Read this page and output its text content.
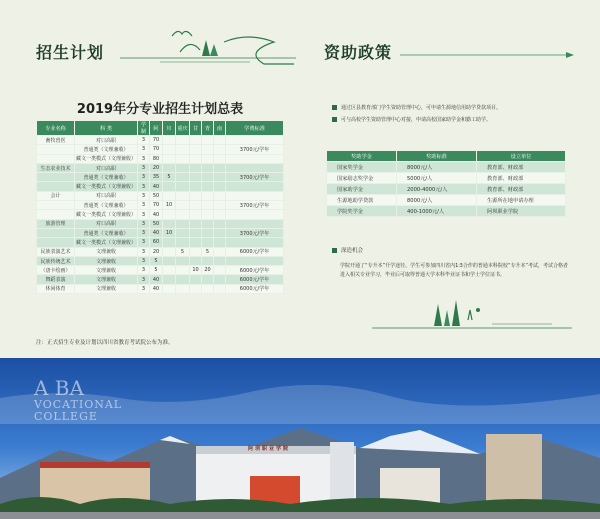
招生计划	资助政策
2019年分专业招生计划总表
专业名称	科 类	学制	阿	川	重庆	甘	青	南	学费标准
畜牧兽医	对口高职	3	70						
	普通类（文理兼收）	3	70						3700元/学年
	藏文一类模式（文理兼收）	3	80						
生态农业技术	对口高职	3	20						
	普通类（文理兼收）	3	35	5					3700元/学年
	藏文一类模式（文理兼收）	3	40						
会计	对口高职	3	50						
	普通类（文理兼收）	3	70	10					3700元/学年
	藏文一类模式（文理兼收）	3	40						
旅游管理	对口高职	3	50						
	普通类（文理兼收）	3	40	10					3700元/学年
	藏文一类模式（文理兼收）	3	60						
民族表演艺术	文理兼收	3	20		5		5		6000元/学年
民族传统艺术	文理兼收	3	5						
（唐卡绘画）	文理兼收	3	5			10	20		6000元/学年
舞蹈表演	文理兼收	3	40						6000元/学年
休闲体育	文理兼收	3	40						6000元/学年
注：正式招生专业及计划以四川省教育考试院公布为准。
通过区县教育部门学生资助管理中心，可申请生源地信用助学贷款项目。
可与高校学生资助管理中心对接，申请高校国家助学金和勤工助学。
奖助学金	奖助标准	设立单位
国家奖学金	8000元/人	教育部、财政部
国家励志奖学金	5000元/人	教育部、财政部
国家助学金	2000-4000元/人	教育部、财政部
生源地助学贷款	8000元/人	生源所在地申请办理
学院奖学金	400-1000元/人	阿坝职业学院
深造机会
学院开通了“专升本”升学途径。学生可参加四川省内1∶3合作的普通本科院校“专升本”考试，考试合格者进入相关专业学习，毕业后可取得普通大学本科毕业证书和学士学位证书。
A BA
VOCATIONAL
COLLEGE
阿坝职业学院
